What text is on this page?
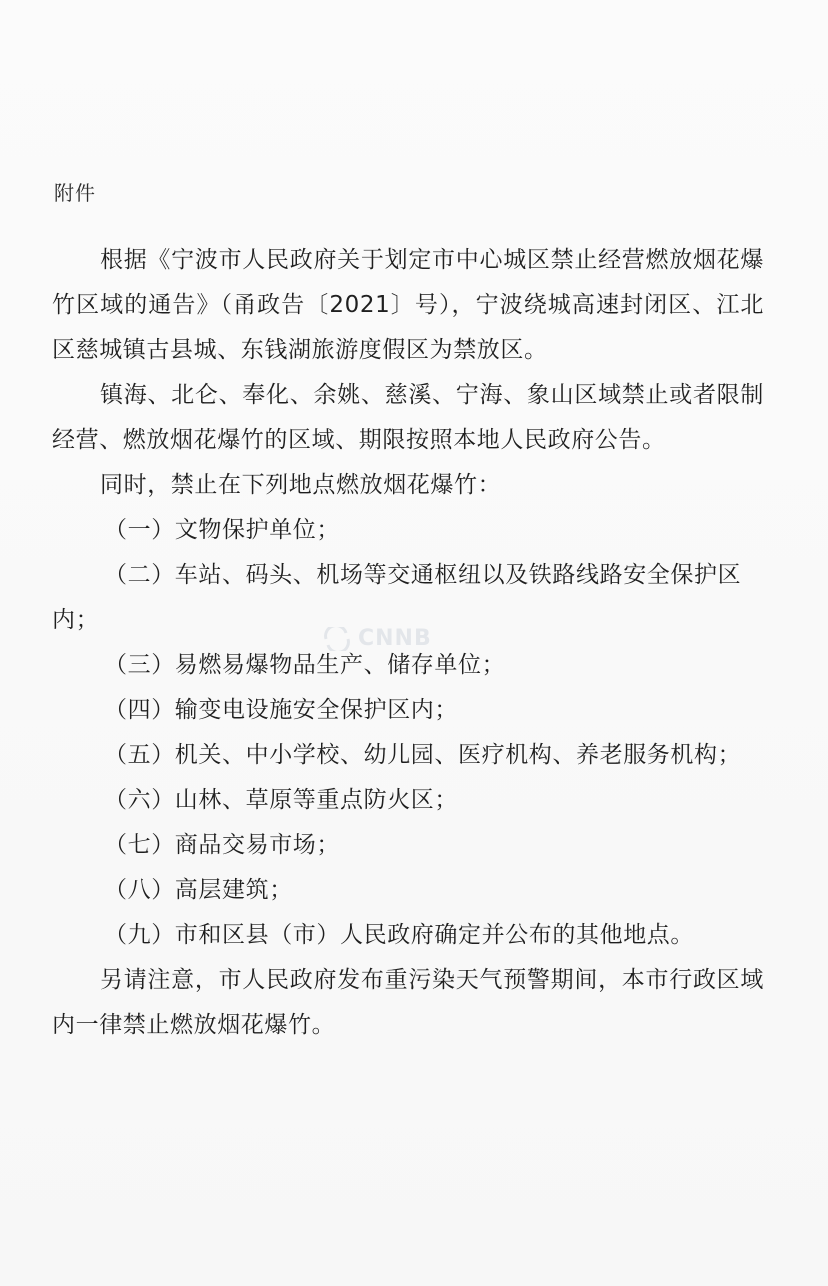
附件

根据《宁波市人民政府关于划定市中心城区禁止经营燃放烟花爆竹区域的通告》（甬政告〔2021〕号），宁波绕城高速封闭区、江北区慈城镇古县城、东钱湖旅游度假区为禁放区。

镇海、北仑、奉化、余姚、慈溪、宁海、象山区域禁止或者限制经营、燃放烟花爆竹的区域、期限按照本地人民政府公告。

同时，禁止在下列地点燃放烟花爆竹：

（一）文物保护单位；

（二）车站、码头、机场等交通枢纽以及铁路线路安全保护区内；

（三）易燃易爆物品生产、储存单位；

（四）输变电设施安全保护区内；

（五）机关、中小学校、幼儿园、医疗机构、养老服务机构；

（六）山林、草原等重点防火区；

（七）商品交易市场；

（八）高层建筑；

（九）市和区县（市）人民政府确定并公布的其他地点。

另请注意，市人民政府发布重污染天气预警期间，本市行政区域内一律禁止燃放烟花爆竹。

CNNB
